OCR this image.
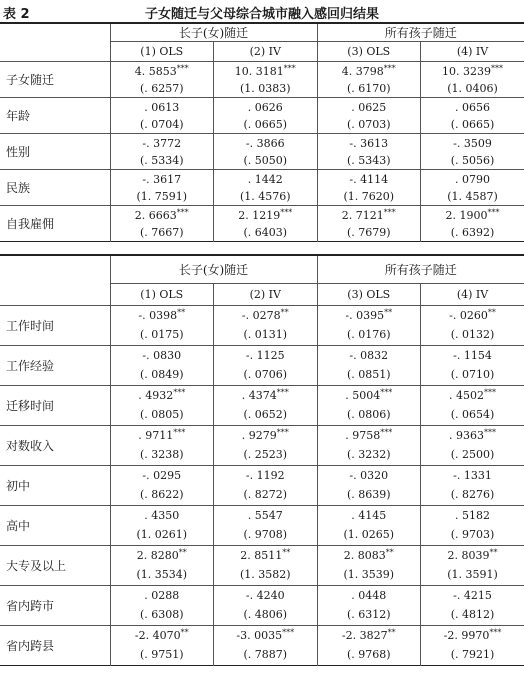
表 2	子女随迁与父母综合城市融入感回归结果
	长子(女)随迁		所有孩子随迁	
	(1) OLS	(2) IV	(3) OLS	(4) IV
子女随迁	4. 5853***	10. 3181***	4. 3798***	10. 3239***
	(. 6257)	(1. 0383)	(. 6170)	(1. 0406)
年龄	. 0613	. 0626	. 0625	. 0656
	(. 0704)	(. 0665)	(. 0703)	(. 0665)
性别	-. 3772	-. 3866	-. 3613	-. 3509
	(. 5334)	(. 5050)	(. 5343)	(. 5056)
民族	-. 3617	. 1442	-. 4114	. 0790
	(1. 7591)	(1. 4576)	(1. 7620)	(1. 4587)
自我雇佣	2. 6663***	2. 1219***	2. 7121***	2. 1900***
	(. 7667)	(. 6403)	(. 7679)	(. 6392)
	长子(女)随迁		所有孩子随迁	
	(1) OLS	(2) IV	(3) OLS	(4) IV
工作时间	-. 0398**	-. 0278**	-. 0395**	-. 0260**
	(. 0175)	(. 0131)	(. 0176)	(. 0132)
工作经验	-. 0830	-. 1125	-. 0832	-. 1154
	(. 0849)	(. 0706)	(. 0851)	(. 0710)
迁移时间	. 4932***	. 4374***	. 5004***	. 4502***
	(. 0805)	(. 0652)	(. 0806)	(. 0654)
对数收入	. 9711***	. 9279***	. 9758***	. 9363***
	(. 3238)	(. 2523)	(. 3232)	(. 2500)
初中	-. 0295	-. 1192	-. 0320	-. 1331
	(. 8622)	(. 8272)	(. 8639)	(. 8276)
高中	. 4350	. 5547	. 4145	. 5182
	(1. 0261)	(. 9708)	(1. 0265)	(. 9703)
大专及以上	2. 8280**	2. 8511**	2. 8083**	2. 8039**
	(1. 3534)	(1. 3582)	(1. 3539)	(1. 3591)
省内跨市	. 0288	-. 4240	. 0448	-. 4215
	(. 6308)	(. 4806)	(. 6312)	(. 4812)
省内跨县	-2. 4070**	-3. 0035***	-2. 3827**	-2. 9970***
	(. 9751)	(. 7887)	(. 9768)	(. 7921)
